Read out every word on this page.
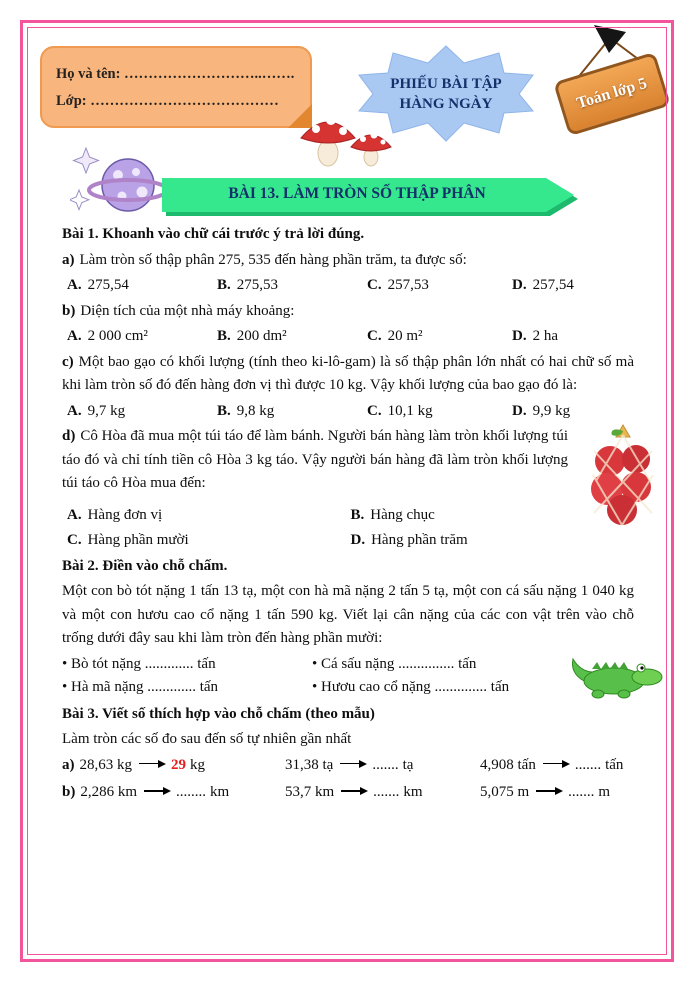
Họ và tên: ………………………..…….
Lớp: …………………………………
PHIẾU BÀI TẬP
HÀNG NGÀY	Toán lớp 5
BÀI 13. LÀM TRÒN SỐ THẬP PHÂN

Bài 1. Khoanh vào chữ cái trước ý trả lời đúng.

a) Làm tròn số thập phân 275, 535 đến hàng phần trăm, ta được số:

A. 275,54	B. 275,53	C. 257,53	D. 257,54

b) Diện tích của một nhà máy khoảng:

A. 2 000 cm²	B. 200 dm²	C. 20 m²	D. 2 ha

c) Một bao gạo có khối lượng (tính theo ki-lô-gam) là số thập phân lớn nhất có hai chữ số mà khi làm tròn số đó đến hàng đơn vị thì được 10 kg. Vậy khối lượng của bao gạo đó là:

A. 9,7 kg	B. 9,8 kg	C. 10,1 kg	D. 9,9 kg

d) Cô Hòa đã mua một túi táo để làm bánh. Người bán hàng làm tròn khối lượng túi táo đó và chỉ tính tiền cô Hòa 3 kg táo. Vậy người bán hàng đã làm tròn khối lượng túi táo cô Hòa mua đến:

A. Hàng đơn vị	B. Hàng chục
C. Hàng phần mười	D. Hàng phần trăm

Bài 2. Điền vào chỗ chấm.

Một con bò tót nặng 1 tấn 13 tạ, một con hà mã nặng 2 tấn 5 tạ, một con cá sấu nặng 1 040 kg và một con hươu cao cổ nặng 1 tấn 590 kg. Viết lại cân nặng của các con vật trên vào chỗ trống dưới đây sau khi làm tròn đến hàng phần mười:

• Bò tót nặng ............. tấn	• Cá sấu nặng ............... tấn
• Hà mã nặng ............. tấn	• Hươu cao cổ nặng .............. tấn

Bài 3. Viết số thích hợp vào chỗ chấm (theo mẫu)

Làm tròn các số đo sau đến số tự nhiên gần nhất

a) 28,63 kg	29 kg	31,38 tạ	....... tạ	4,908 tấn	....... tấn
b) 2,286 km	........ km	53,7 km	....... km	5,075 m	....... m
